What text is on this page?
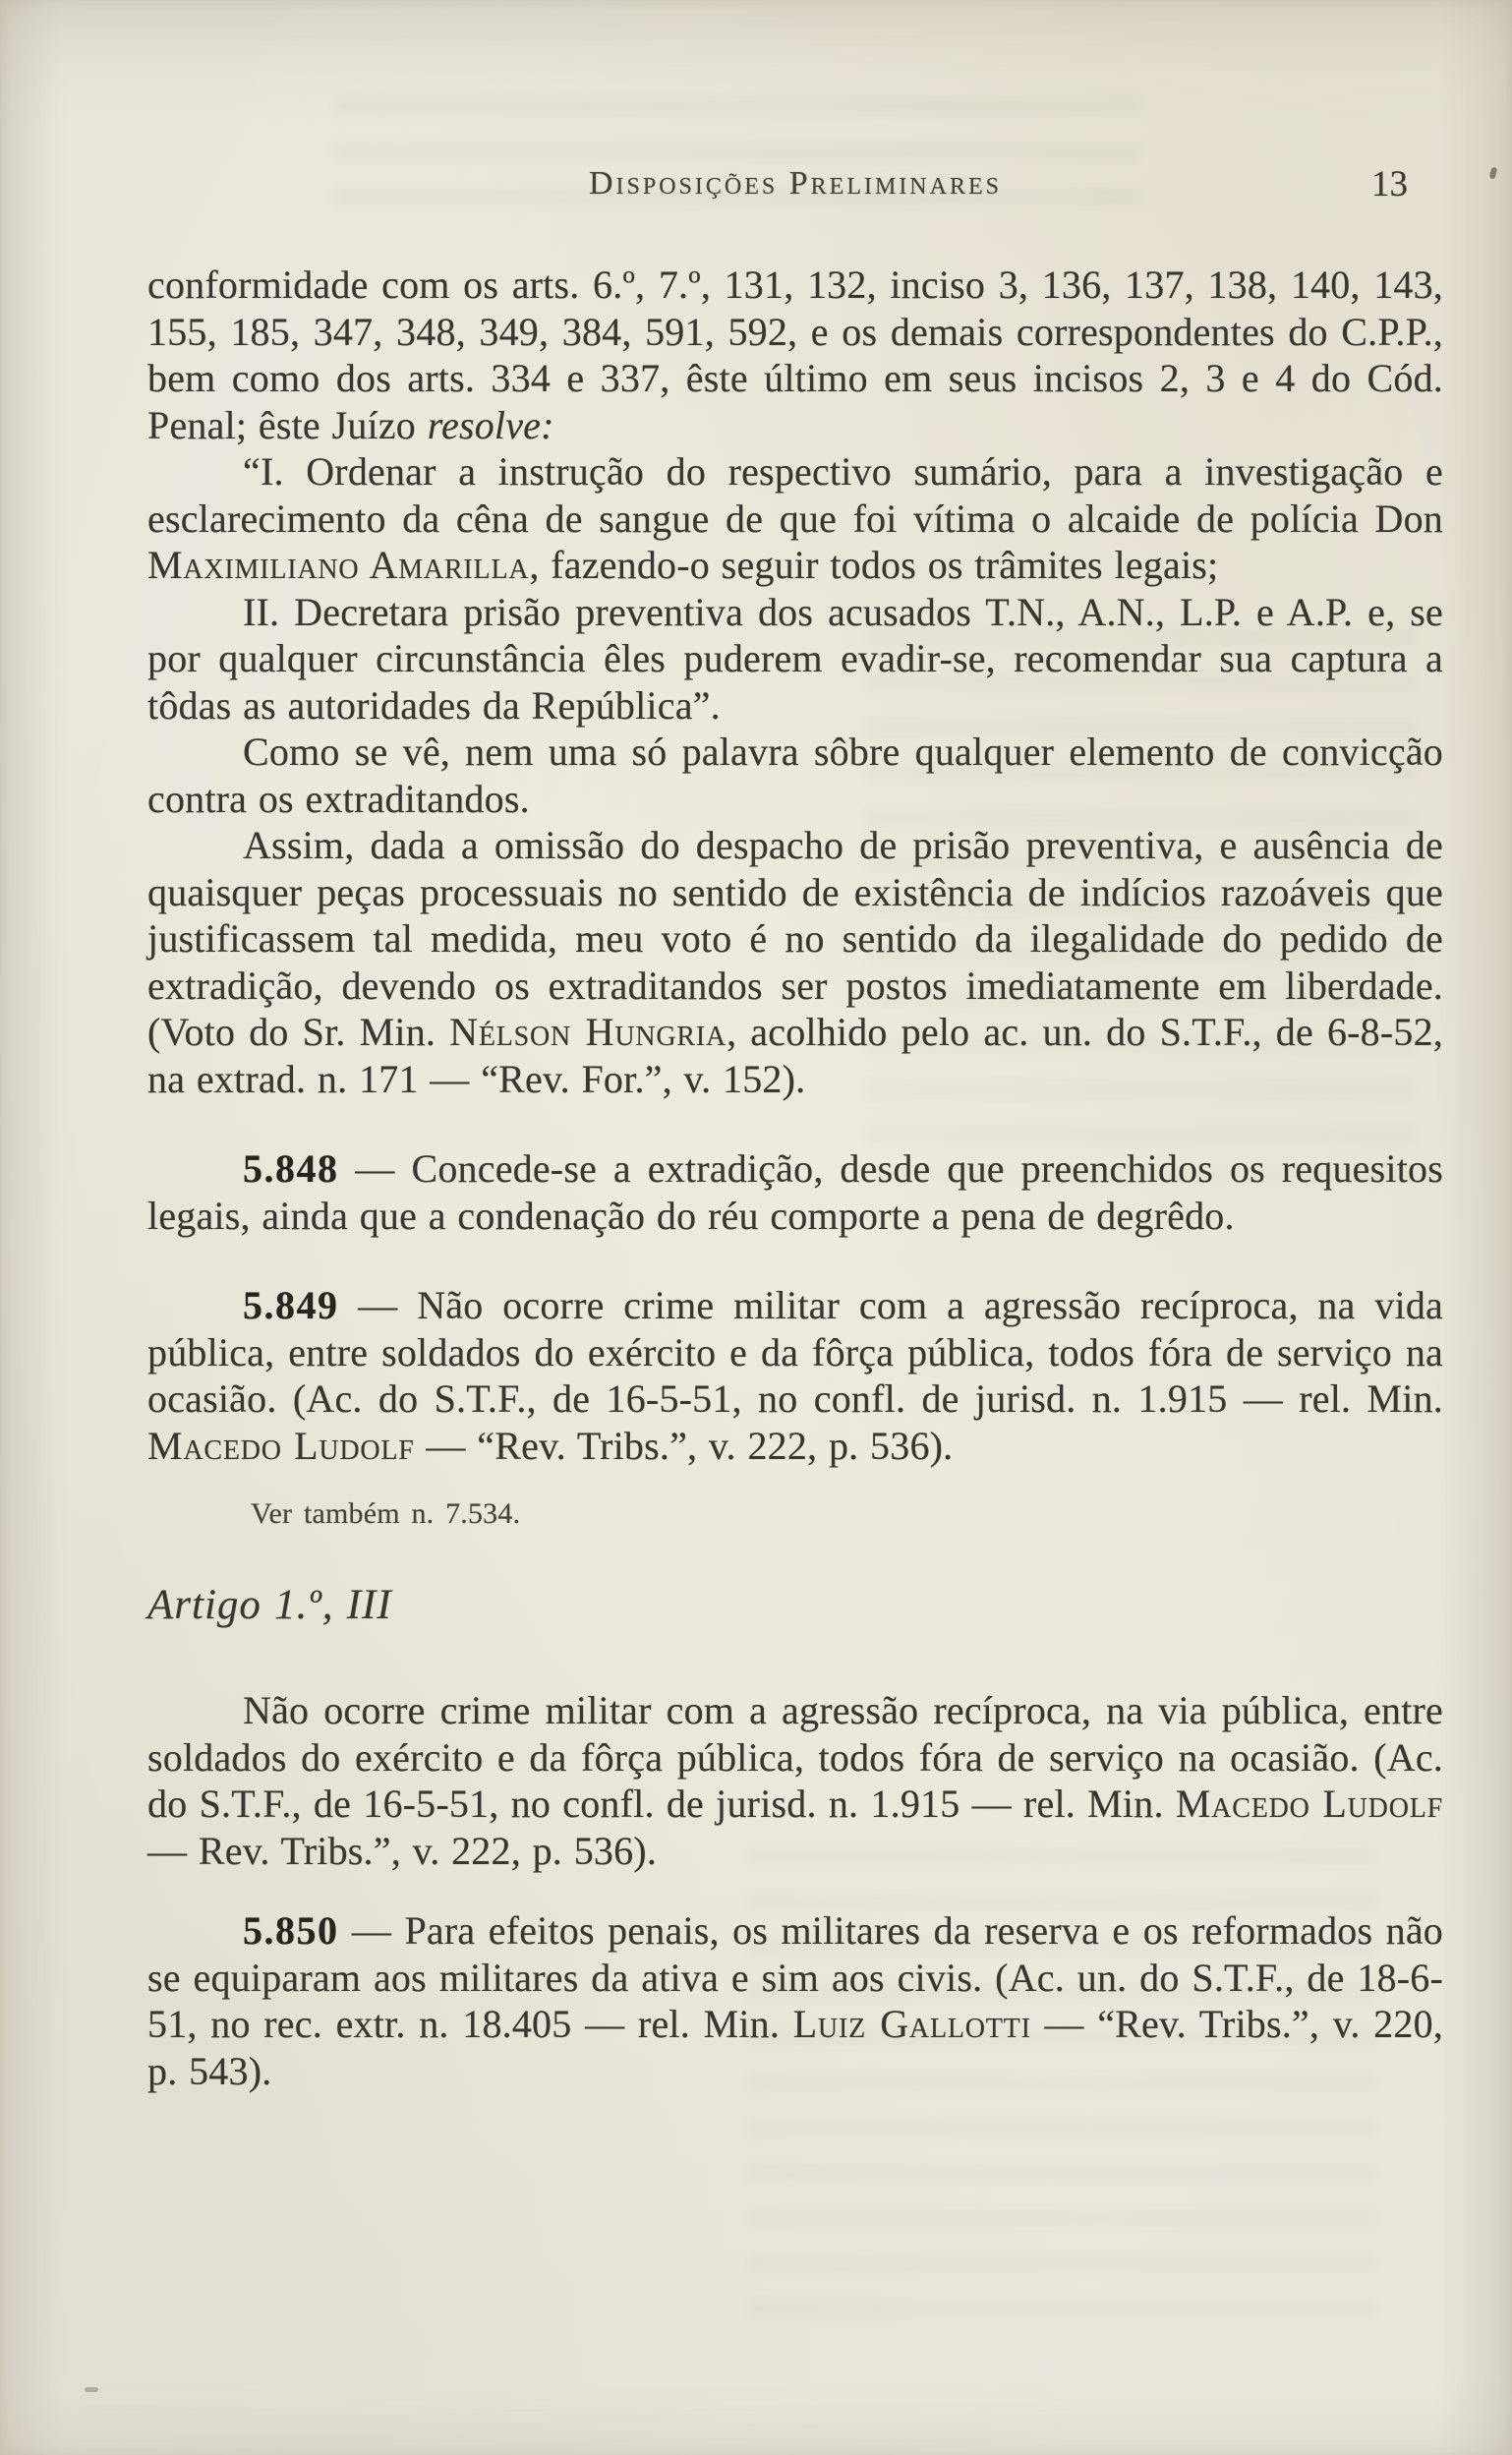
Disposições Preliminares	13

conformidade com os arts. 6.º, 7.º, 131, 132, inciso 3, 136, 137, 138, 140, 143, 155, 185, 347, 348, 349, 384, 591, 592, e os demais correspondentes do C.P.P., bem como dos arts. 334 e 337, êste último em seus incisos 2, 3 e 4 do Cód. Penal; êste Juízo resolve:

“I. Ordenar a instrução do respectivo sumário, para a investigação e esclarecimento da cêna de sangue de que foi vítima o alcaide de polícia Don Maximiliano Amarilla, fazendo-o seguir todos os trâmites legais;

II. Decretara prisão preventiva dos acusados T.N., A.N., L.P. e A.P. e, se por qualquer circunstância êles puderem evadir-se, recomendar sua captura a tôdas as autoridades da República”.

Como se vê, nem uma só palavra sôbre qualquer elemento de convicção contra os extraditandos.

Assim, dada a omissão do despacho de prisão preventiva, e ausência de quaisquer peças processuais no sentido de existência de indícios razoáveis que justificassem tal medida, meu voto é no sentido da ilegalidade do pedido de extradição, devendo os extraditandos ser postos imediatamente em liberdade. (Voto do Sr. Min. Nélson Hungria, acolhido pelo ac. un. do S.T.F., de 6-8-52, na extrad. n. 171 — “Rev. For.”, v. 152).

5.848 — Concede-se a extradição, desde que preenchidos os requesitos legais, ainda que a condenação do réu comporte a pena de degrêdo.

5.849 — Não ocorre crime militar com a agressão recíproca, na vida pública, entre soldados do exército e da fôrça pública, todos fóra de serviço na ocasião. (Ac. do S.T.F., de 16-5-51, no confl. de jurisd. n. 1.915 — rel. Min. Macedo Ludolf — “Rev. Tribs.”, v. 222, p. 536).

Ver também n. 7.534.

Artigo 1.º, III

Não ocorre crime militar com a agressão recíproca, na via pública, entre soldados do exército e da fôrça pública, todos fóra de serviço na ocasião. (Ac. do S.T.F., de 16-5-51, no confl. de jurisd. n. 1.915 — rel. Min. Macedo Ludolf — Rev. Tribs.”, v. 222, p. 536).

5.850 — Para efeitos penais, os militares da reserva e os reformados não se equiparam aos militares da ativa e sim aos civis. (Ac. un. do S.T.F., de 18-6-51, no rec. extr. n. 18.405 — rel. Min. Luiz Gallotti — “Rev. Tribs.”, v. 220, p. 543).
